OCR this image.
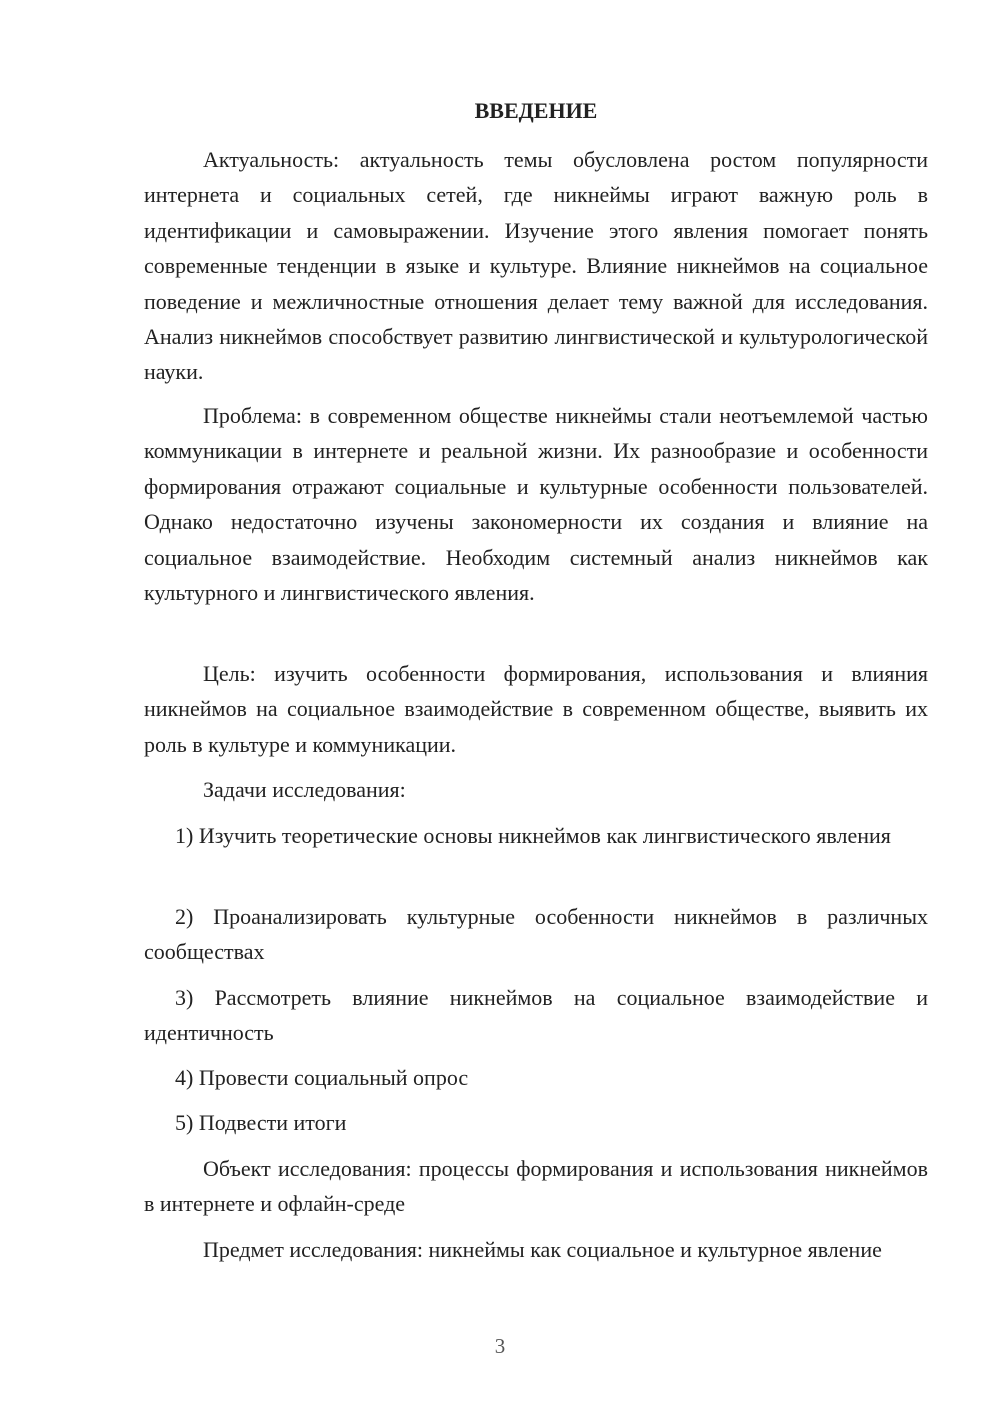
ВВЕДЕНИЕ

Актуальность: актуальность темы обусловлена ростом популярности интернета и социальных сетей, где никнеймы играют важную роль в идентификации и самовыражении. Изучение этого явления помогает понять современные тенденции в языке и культуре. Влияние никнеймов на социальное поведение и межличностные отношения делает тему важной для исследования. Анализ никнеймов способствует развитию лингвистической и культурологической науки.

Проблема: в современном обществе никнеймы стали неотъемлемой частью коммуникации в интернете и реальной жизни. Их разнообразие и особенности формирования отражают социальные и культурные особенности пользователей. Однако недостаточно изучены закономерности их создания и влияние на социальное взаимодействие. Необходим системный анализ никнеймов как культурного и лингвистического явления.

Цель: изучить особенности формирования, использования и влияния никнеймов на социальное взаимодействие в современном обществе, выявить их роль в культуре и коммуникации.

Задачи исследования:

1) Изучить теоретические основы никнеймов как лингвистического явления

2) Проанализировать культурные особенности никнеймов в различных сообществах

3) Рассмотреть влияние никнеймов на социальное взаимодействие и идентичность

4) Провести социальный опрос

5) Подвести итоги

Объект исследования: процессы формирования и использования никнеймов в интернете и офлайн-среде

Предмет исследования: никнеймы как социальное и культурное явление

3
